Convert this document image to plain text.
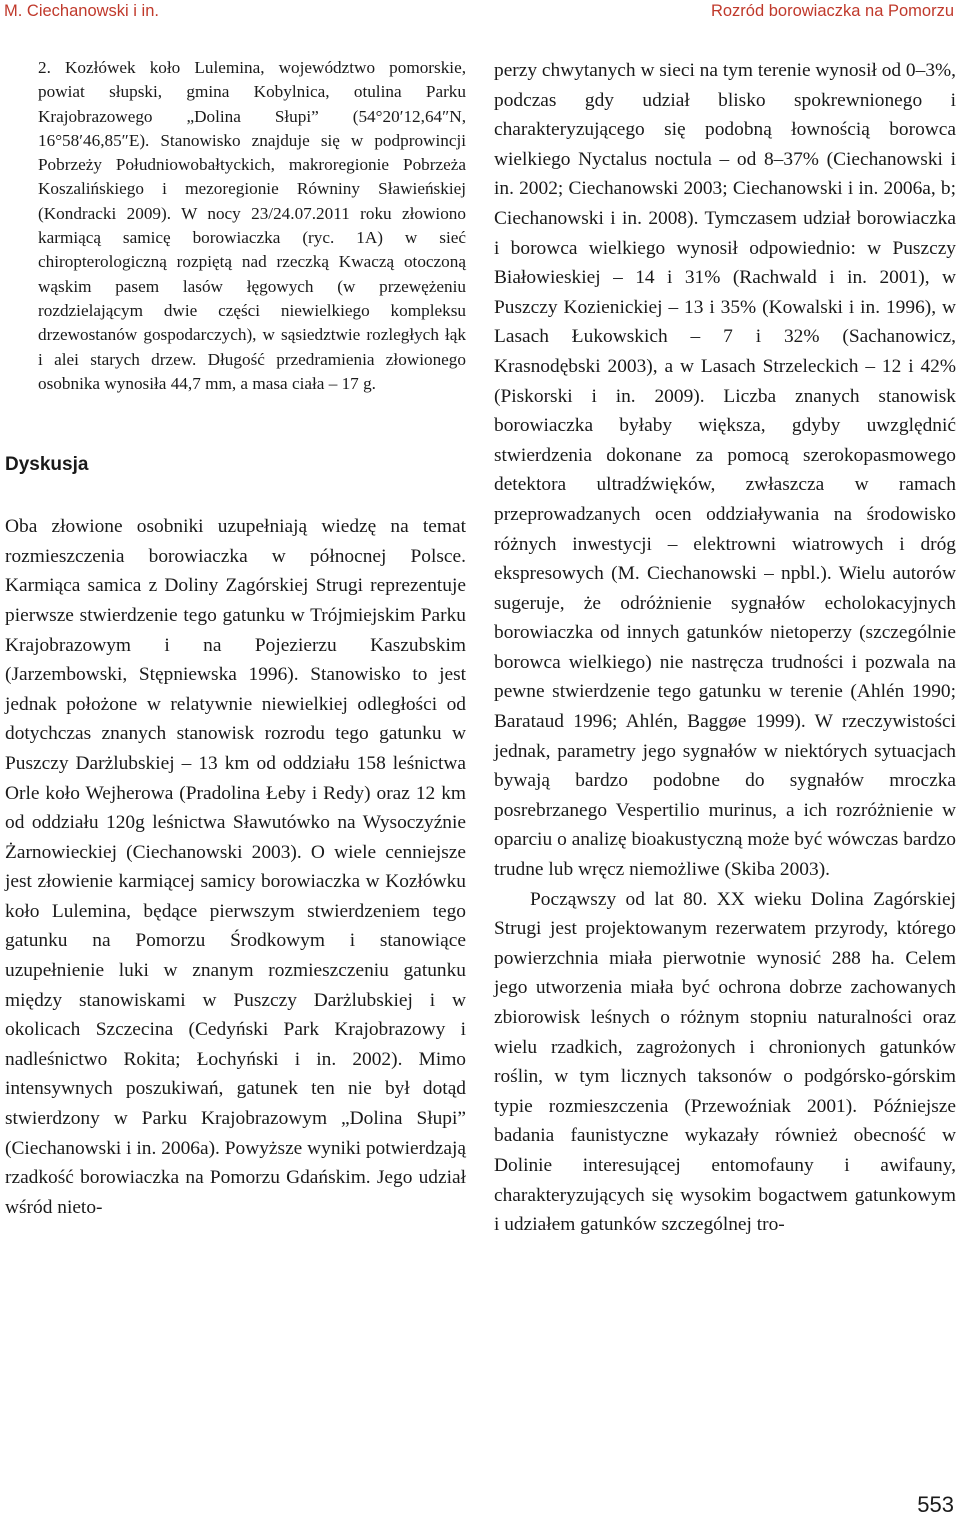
M. Ciechanowski i in.	Rozród borowiaczka na Pomorzu

2. Kozłówek koło Lulemina, województwo pomorskie, powiat słupski, gmina Kobylnica, otulina Parku Krajobrazowego „Dolina Słupi” (54°20′12,64″N, 16°58′46,85″E). Stanowisko znajduje się w podprowincji Pobrzeży Południowobałtyckich, makroregionie Pobrzeża Koszalińskiego i mezoregionie Równiny Sławieńskiej (Kondracki 2009). W nocy 23/24.07.2011 roku złowiono karmiącą samicę borowiaczka (ryc. 1A) w sieć chiropterologiczną rozpiętą nad rzeczką Kwaczą otoczoną wąskim pasem lasów łęgowych (w przewężeniu rozdzielającym dwie części niewielkiego kompleksu drzewostanów gospodarczych), w sąsiedztwie rozległych łąk i alei starych drzew. Długość przedramienia złowionego osobnika wynosiła 44,7 mm, a masa ciała – 17 g.

Dyskusja

Oba złowione osobniki uzupełniają wiedzę na temat rozmieszczenia borowiaczka w północnej Polsce. Karmiąca samica z Doliny Zagórskiej Strugi reprezentuje pierwsze stwierdzenie tego gatunku w Trójmiejskim Parku Krajobrazowym i na Pojezierzu Kaszubskim (Jarzembowski, Stępniewska 1996). Stanowisko to jest jednak położone w relatywnie niewielkiej odległości od dotychczas znanych stanowisk rozrodu tego gatunku w Puszczy Darżlubskiej – 13 km od oddziału 158 leśnictwa Orle koło Wejherowa (Pradolina Łeby i Redy) oraz 12 km od oddziału 120g leśnictwa Sławutówko na Wysoczyźnie Żarnowieckiej (Ciechanowski 2003). O wiele cenniejsze jest złowienie karmiącej samicy borowiaczka w Kozłówku koło Lulemina, będące pierwszym stwierdzeniem tego gatunku na Pomorzu Środkowym i stanowiące uzupełnienie luki w znanym rozmieszczeniu gatunku między stanowiskami w Puszczy Darżlubskiej i w okolicach Szczecina (Cedyński Park Krajobrazowy i nadleśnictwo Rokita; Łochyński i in. 2002). Mimo intensywnych poszukiwań, gatunek ten nie był dotąd stwierdzony w Parku Krajobrazowym „Dolina Słupi” (Ciechanowski i in. 2006a). Powyższe wyniki potwierdzają rzadkość borowiaczka na Pomorzu Gdańskim. Jego udział wśród nieto-

perzy chwytanych w sieci na tym terenie wynosił od 0–3%, podczas gdy udział blisko spokrewnionego i charakteryzującego się podobną łownością borowca wielkiego Nyctalus noctula – od 8–37% (Ciechanowski i in. 2002; Ciechanowski 2003; Ciechanowski i in. 2006a, b; Ciechanowski i in. 2008). Tymczasem udział borowiaczka i borowca wielkiego wynosił odpowiednio: w Puszczy Białowieskiej – 14 i 31% (Rachwald i in. 2001), w Puszczy Kozienickiej – 13 i 35% (Kowalski i in. 1996), w Lasach Łukowskich – 7 i 32% (Sachanowicz, Krasnodębski 2003), a w Lasach Strzeleckich – 12 i 42% (Piskorski i in. 2009). Liczba znanych stanowisk borowiaczka byłaby większa, gdyby uwzględnić stwierdzenia dokonane za pomocą szerokopasmowego detektora ultradźwięków, zwłaszcza w ramach przeprowadzanych ocen oddziaływania na środowisko różnych inwestycji – elektrowni wiatrowych i dróg ekspresowych (M. Ciechanowski – npbl.). Wielu autorów sugeruje, że odróżnienie sygnałów echolokacyjnych borowiaczka od innych gatunków nietoperzy (szczególnie borowca wielkiego) nie nastręcza trudności i pozwala na pewne stwierdzenie tego gatunku w terenie (Ahlén 1990; Barataud 1996; Ahlén, Baggøe 1999). W rzeczywistości jednak, parametry jego sygnałów w niektórych sytuacjach bywają bardzo podobne do sygnałów mroczka posrebrzanego Vespertilio murinus, a ich rozróżnienie w oparciu o analizę bioakustyczną może być wówczas bardzo trudne lub wręcz niemożliwe (Skiba 2003).

Począwszy od lat 80. XX wieku Dolina Zagórskiej Strugi jest projektowanym rezerwatem przyrody, którego powierzchnia miała pierwotnie wynosić 288 ha. Celem jego utworzenia miała być ochrona dobrze zachowanych zbiorowisk leśnych o różnym stopniu naturalności oraz wielu rzadkich, zagrożonych i chronionych gatunków roślin, w tym licznych taksonów o podgórsko-górskim typie rozmieszczenia (Przewoźniak 2001). Późniejsze badania faunistyczne wykazały również obecność w Dolinie interesującej entomofauny i awifauny, charakteryzujących się wysokim bogactwem gatunkowym i udziałem gatunków szczególnej tro-

553
